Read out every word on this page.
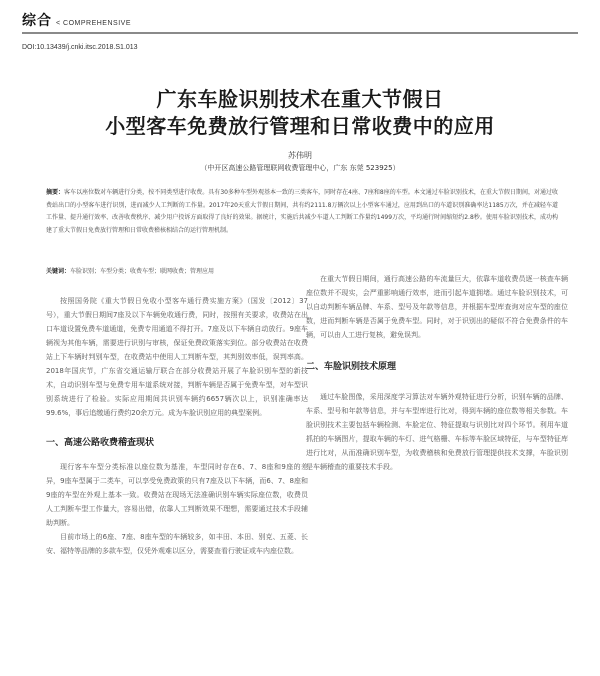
综合 < COMPREHENSIVE
DOI:10.13439/j.cnki.itsc.2018.S1.013
广东车脸识别技术在重大节假日
小型客车免费放行管理和日常收费中的应用
苏伟明
（中开区高速公路管理联网收费管理中心，广东 东莞 523925）
摘要：客车以座位数对车辆进行分类，按不同类型进行收费。具有30多种车型外观基本一致的三类客车，同时存在4座、7座和8座的车型。本文通过车脸识别技术，在重大节假日期间，对通过收费站出口的小型客车进行识别，进而减少人工判断的工作量。2017年20天重大节假日期间，共有约2111.8万辆次以上小型客车通过，应用到出口的车道识别准确率达1185万次，并在减轻车道工作量、提升通行效率、改善收费秩序、减少用户投诉方面取得了良好的效果。据统计，实施后共减少车道人工判断工作量约1499万次，平均通行时间缩短约2.8秒。使用车脸识别技术，成功构建了重大节假日免费放行管理和日常收费稽核相结合的运行管理机制。
关键词：车脸识别；车型分类；收费车型；联网收费；管理应用

按照国务院《重大节假日免收小型客车通行费实施方案》（国发〔2012〕37号），重大节假日期间7座及以下车辆免收通行费，同时，按照有关要求，收费站在出口车道设置免费车道通道，免费专用通道不得打开。7座及以下车辆自动放行。9座车辆视为其他车辆，需要进行识别与审核，保证免费政策落实到位。部分收费站在收费站上下车辆时判别车型，在收费站中使用人工判断车型，其判别效率低，误判率高。2018年国庆节，广东省交通运输厅联合在部分收费站开展了车脸识别车型的新技术，自动识别车型与免费专用车道系统对接，判断车辆是否属于免费车型，对车型识别系统进行了检验。实际应用期间共识别车辆约6657辆次以上，识别准确率达99.6%，事后追缴通行费约20余万元。成为车脸识别应用的典型案例。

一、高速公路收费稽查现状

现行客车车型分类标准以座位数为基准，车型同时存在6、7、8座和9座的差异，9座车型属于二类车，可以享受免费政策的只有7座及以下车辆，而6、7、8座和9座的车型在外观上基本一致。收费站在现场无法准确识别车辆实际座位数，收费员人工判断车型工作量大，容易出错，依靠人工判断效果不理想，需要通过技术手段辅助判断。

目前市场上的6座、7座、8座车型的车辆较多，如丰田、本田、别克、五菱、长安、福特等品牌的多款车型，仅凭外观难以区分，需要查看行驶证或车内座位数。

在重大节假日期间，通行高速公路的车流量巨大，依靠车道收费员逐一核查车辆座位数并不现实，会严重影响通行效率，进而引起车道拥堵。通过车脸识别技术，可以自动判断车辆品牌、车系、型号及年款等信息，并根据车型库查询对应车型的座位数，进而判断车辆是否属于免费车型。同时，对于识别出的疑似不符合免费条件的车辆，可以由人工进行复核，避免误判。

二、车脸识别技术原理

通过车脸图像，采用深度学习算法对车辆外观特征进行分析，识别车辆的品牌、车系、型号和年款等信息，并与车型库进行比对，得到车辆的座位数等相关参数。车脸识别技术主要包括车辆检测、车脸定位、特征提取与识别比对四个环节。利用车道抓拍的车辆图片，提取车辆的车灯、进气格栅、车标等车脸区域特征，与车型特征库进行比对，从而准确识别车型，为收费稽核和免费放行管理提供技术支撑，车脸识别是车辆稽查的重要技术手段。
